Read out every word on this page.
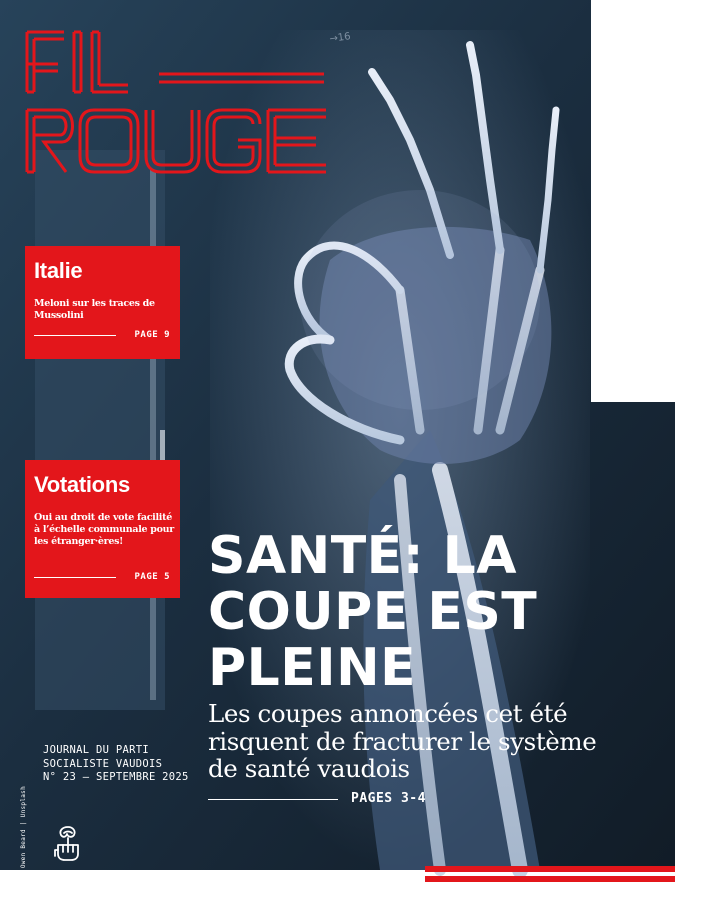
→16
Italie
Meloni sur les traces de Mussolini
PAGE 9
Votations
Oui au droit de vote facilité à l’échelle communale pour les étranger·ères!
PAGE 5 SANTÉ: LA
COUPE EST
PLEINE
Les coupes annoncées cet été
risquent de fracturer le système
de santé vaudois
PAGES 3-4
JOURNAL DU PARTI
SOCIALISTE VAUDOIS
N° 23 — SEPTEMBRE 2025
© Owen Beard | Unsplash
